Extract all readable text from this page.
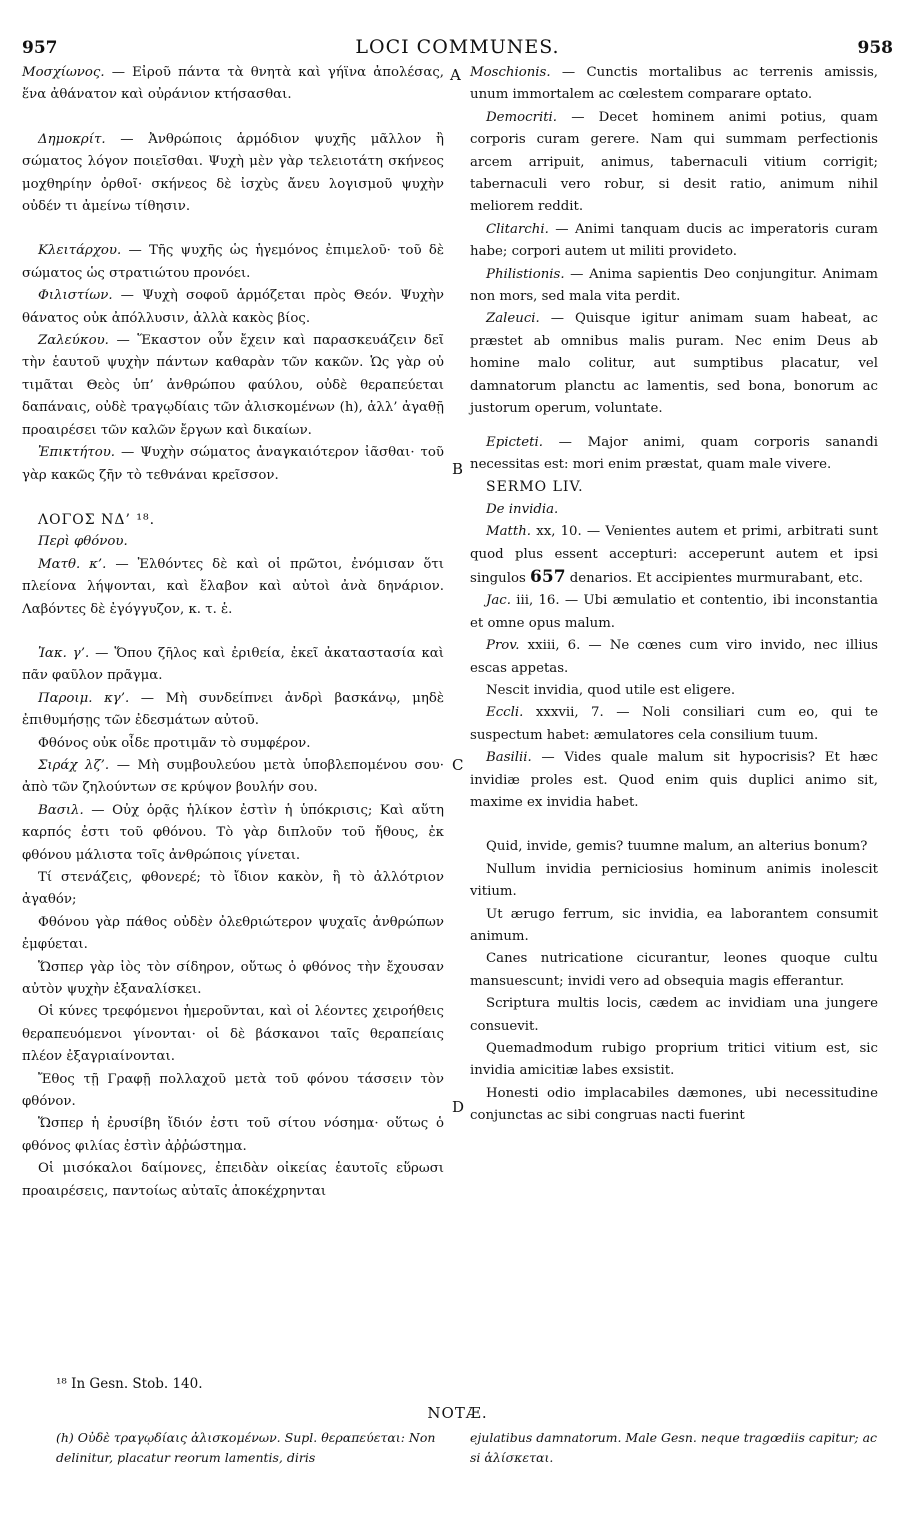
957	LOCI COMMUNES.	958
A
B
C
D

Μοσχίωνος. — Εἰροῦ πάντα τὰ θνητὰ καὶ γήϊνα ἀπολέσας, ἕνα ἀθάνατον καὶ οὐράνιον κτήσασθαι.

Δημοκρίτ. — Ἀνθρώποις ἁρμόδιον ψυχῆς μᾶλλον ἢ σώματος λόγον ποιεῖσθαι. Ψυχὴ μὲν γὰρ τελειοτάτη σκήνεος μοχθηρίην ὀρθοῖ· σκήνεος δὲ ἰσχὺς ἄνευ λογισμοῦ ψυχὴν οὐδέν τι ἀμείνω τίθησιν.

Κλειτάρχου. — Τῆς ψυχῆς ὡς ἡγεμόνος ἐπιμελοῦ· τοῦ δὲ σώματος ὡς στρατιώτου προνόει.

Φιλιστίων. — Ψυχὴ σοφοῦ ἁρμόζεται πρὸς Θεόν. Ψυχὴν θάνατος οὐκ ἀπόλλυσιν, ἀλλὰ κακὸς βίος.

Ζαλεύκου. — Ἕκαστον οὖν ἔχειν καὶ παρασκευάζειν δεῖ τὴν ἑαυτοῦ ψυχὴν πάντων καθαρὰν τῶν κακῶν. Ὡς γὰρ οὐ τιμᾶται Θεὸς ὑπ’ ἀνθρώπου φαύλου, οὐδὲ θεραπεύεται δαπάναις, οὐδὲ τραγῳδίαις τῶν ἀλισκομένων (h), ἀλλ’ ἀγαθῇ προαιρέσει τῶν καλῶν ἔργων καὶ δικαίων.

Ἐπικτήτου. — Ψυχὴν σώματος ἀναγκαιότερον ἰᾶσθαι· τοῦ γὰρ κακῶς ζῆν τὸ τεθνάναι κρεῖσσον.

ΛΟΓΟΣ ΝΔ’ ¹⁸.

Περὶ φθόνου.

Ματθ. κ’. — Ἐλθόντες δὲ καὶ οἱ πρῶτοι, ἐνόμισαν ὅτι πλείονα λήψονται, καὶ ἔλαβον καὶ αὐτοὶ ἀνὰ δηνάριον. Λαβόντες δὲ ἐγόγγυζον, κ. τ. ἑ.

Ἰακ. γ’. — Ὅπου ζῆλος καὶ ἐριθεία, ἐκεῖ ἀκαταστασία καὶ πᾶν φαῦλον πρᾶγμα.

Παροιμ. κγ’. — Μὴ συνδείπνει ἀνδρὶ βασκάνῳ, μηδὲ ἐπιθυμήσῃς τῶν ἐδεσμάτων αὐτοῦ.

Φθόνος οὐκ οἶδε προτιμᾶν τὸ συμφέρον.

Σιράχ λζ’. — Μὴ συμβουλεύου μετὰ ὑποβλεπομένου σου· ἀπὸ τῶν ζηλούντων σε κρύψον βουλήν σου.

Βασιλ. — Οὐχ ὁρᾷς ἡλίκον ἐστὶν ἡ ὑπόκρισις; Καὶ αὕτη καρπός ἐστι τοῦ φθόνου. Τὸ γὰρ διπλοῦν τοῦ ἤθους, ἐκ φθόνου μάλιστα τοῖς ἀνθρώποις γίνεται.

Τί στενάζεις, φθονερέ; τὸ ἴδιον κακὸν, ἢ τὸ ἀλλότριον ἀγαθόν;

Φθόνου γὰρ πάθος οὐδὲν ὀλεθριώτερον ψυχαῖς ἀνθρώπων ἐμφύεται.

Ὥσπερ γὰρ ἰὸς τὸν σίδηρον, οὕτως ὁ φθόνος τὴν ἔχουσαν αὐτὸν ψυχὴν ἐξαναλίσκει.

Οἱ κύνες τρεφόμενοι ἡμεροῦνται, καὶ οἱ λέοντες χειροήθεις θεραπευόμενοι γίνονται· οἱ δὲ βάσκανοι ταῖς θεραπείαις πλέον ἐξαγριαίνονται.

Ἔθος τῇ Γραφῇ πολλαχοῦ μετὰ τοῦ φόνου τάσσειν τὸν φθόνον.

Ὥσπερ ἡ ἐρυσίβη ἴδιόν ἐστι τοῦ σίτου νόσημα· οὕτως ὁ φθόνος φιλίας ἐστὶν ἀῤῥώστημα.

Οἱ μισόκαλοι δαίμονες, ἐπειδὰν οἰκείας ἑαυτοῖς εὕρωσι προαιρέσεις, παντοίως αὐταῖς ἀποκέχρηνται

Moschionis. — Cunctis mortalibus ac terrenis amissis, unum immortalem ac cœlestem comparare optato.

Democriti. — Decet hominem animi potius, quam corporis curam gerere. Nam qui summam perfectionis arcem arripuit, animus, tabernaculi vitium corrigit; tabernaculi vero robur, si desit ratio, animum nihil meliorem reddit.

Clitarchi. — Animi tanquam ducis ac imperatoris curam habe; corpori autem ut militi provideto.

Philistionis. — Anima sapientis Deo conjungitur. Animam non mors, sed mala vita perdit.

Zaleuci. — Quisque igitur animam suam habeat, ac præstet ab omnibus malis puram. Nec enim Deus ab homine malo colitur, aut sumptibus placatur, vel damnatorum planctu ac lamentis, sed bona, bonorum ac justorum operum, voluntate.

Epicteti. — Major animi, quam corporis sanandi necessitas est: mori enim præstat, quam male vivere.

SERMO LIV.

De invidia.

Matth. xx, 10. — Venientes autem et primi, arbitrati sunt quod plus essent accepturi: acceperunt autem et ipsi singulos 657 denarios. Et accipientes murmurabant, etc.

Jac. iii, 16. — Ubi æmulatio et contentio, ibi inconstantia et omne opus malum.

Prov. xxiii, 6. — Ne cœnes cum viro invido, nec illius escas appetas.

Nescit invidia, quod utile est eligere.

Eccli. xxxvii, 7. — Noli consiliari cum eo, qui te suspectum habet: æmulatores cela consilium tuum.

Basilii. — Vides quale malum sit hypocrisis? Et hæc invidiæ proles est. Quod enim quis duplici animo sit, maxime ex invidia habet.

Quid, invide, gemis? tuumne malum, an alterius bonum?

Nullum invidia perniciosius hominum animis inolescit vitium.

Ut ærugo ferrum, sic invidia, ea laborantem consumit animum.

Canes nutricatione cicurantur, leones quoque cultu mansuescunt; invidi vero ad obsequia magis efferantur.

Scriptura multis locis, cædem ac invidiam una jungere consuevit.

Quemadmodum rubigo proprium tritici vitium est, sic invidia amicitiæ labes exsistit.

Honesti odio implacabiles dæmones, ubi necessitudine conjunctas ac sibi congruas nacti fuerint

¹⁸ In Gesn. Stob. 140.
NOTÆ.
(h) Οὐδὲ τραγῳδίαις ἀλισκομένων. Supl. θεραπεύεται: Non delinitur, placatur reorum lamentis, diris
ejulatibus damnatorum. Male Gesn. neque tragœdiis capitur; ac si ἁλίσκεται.
